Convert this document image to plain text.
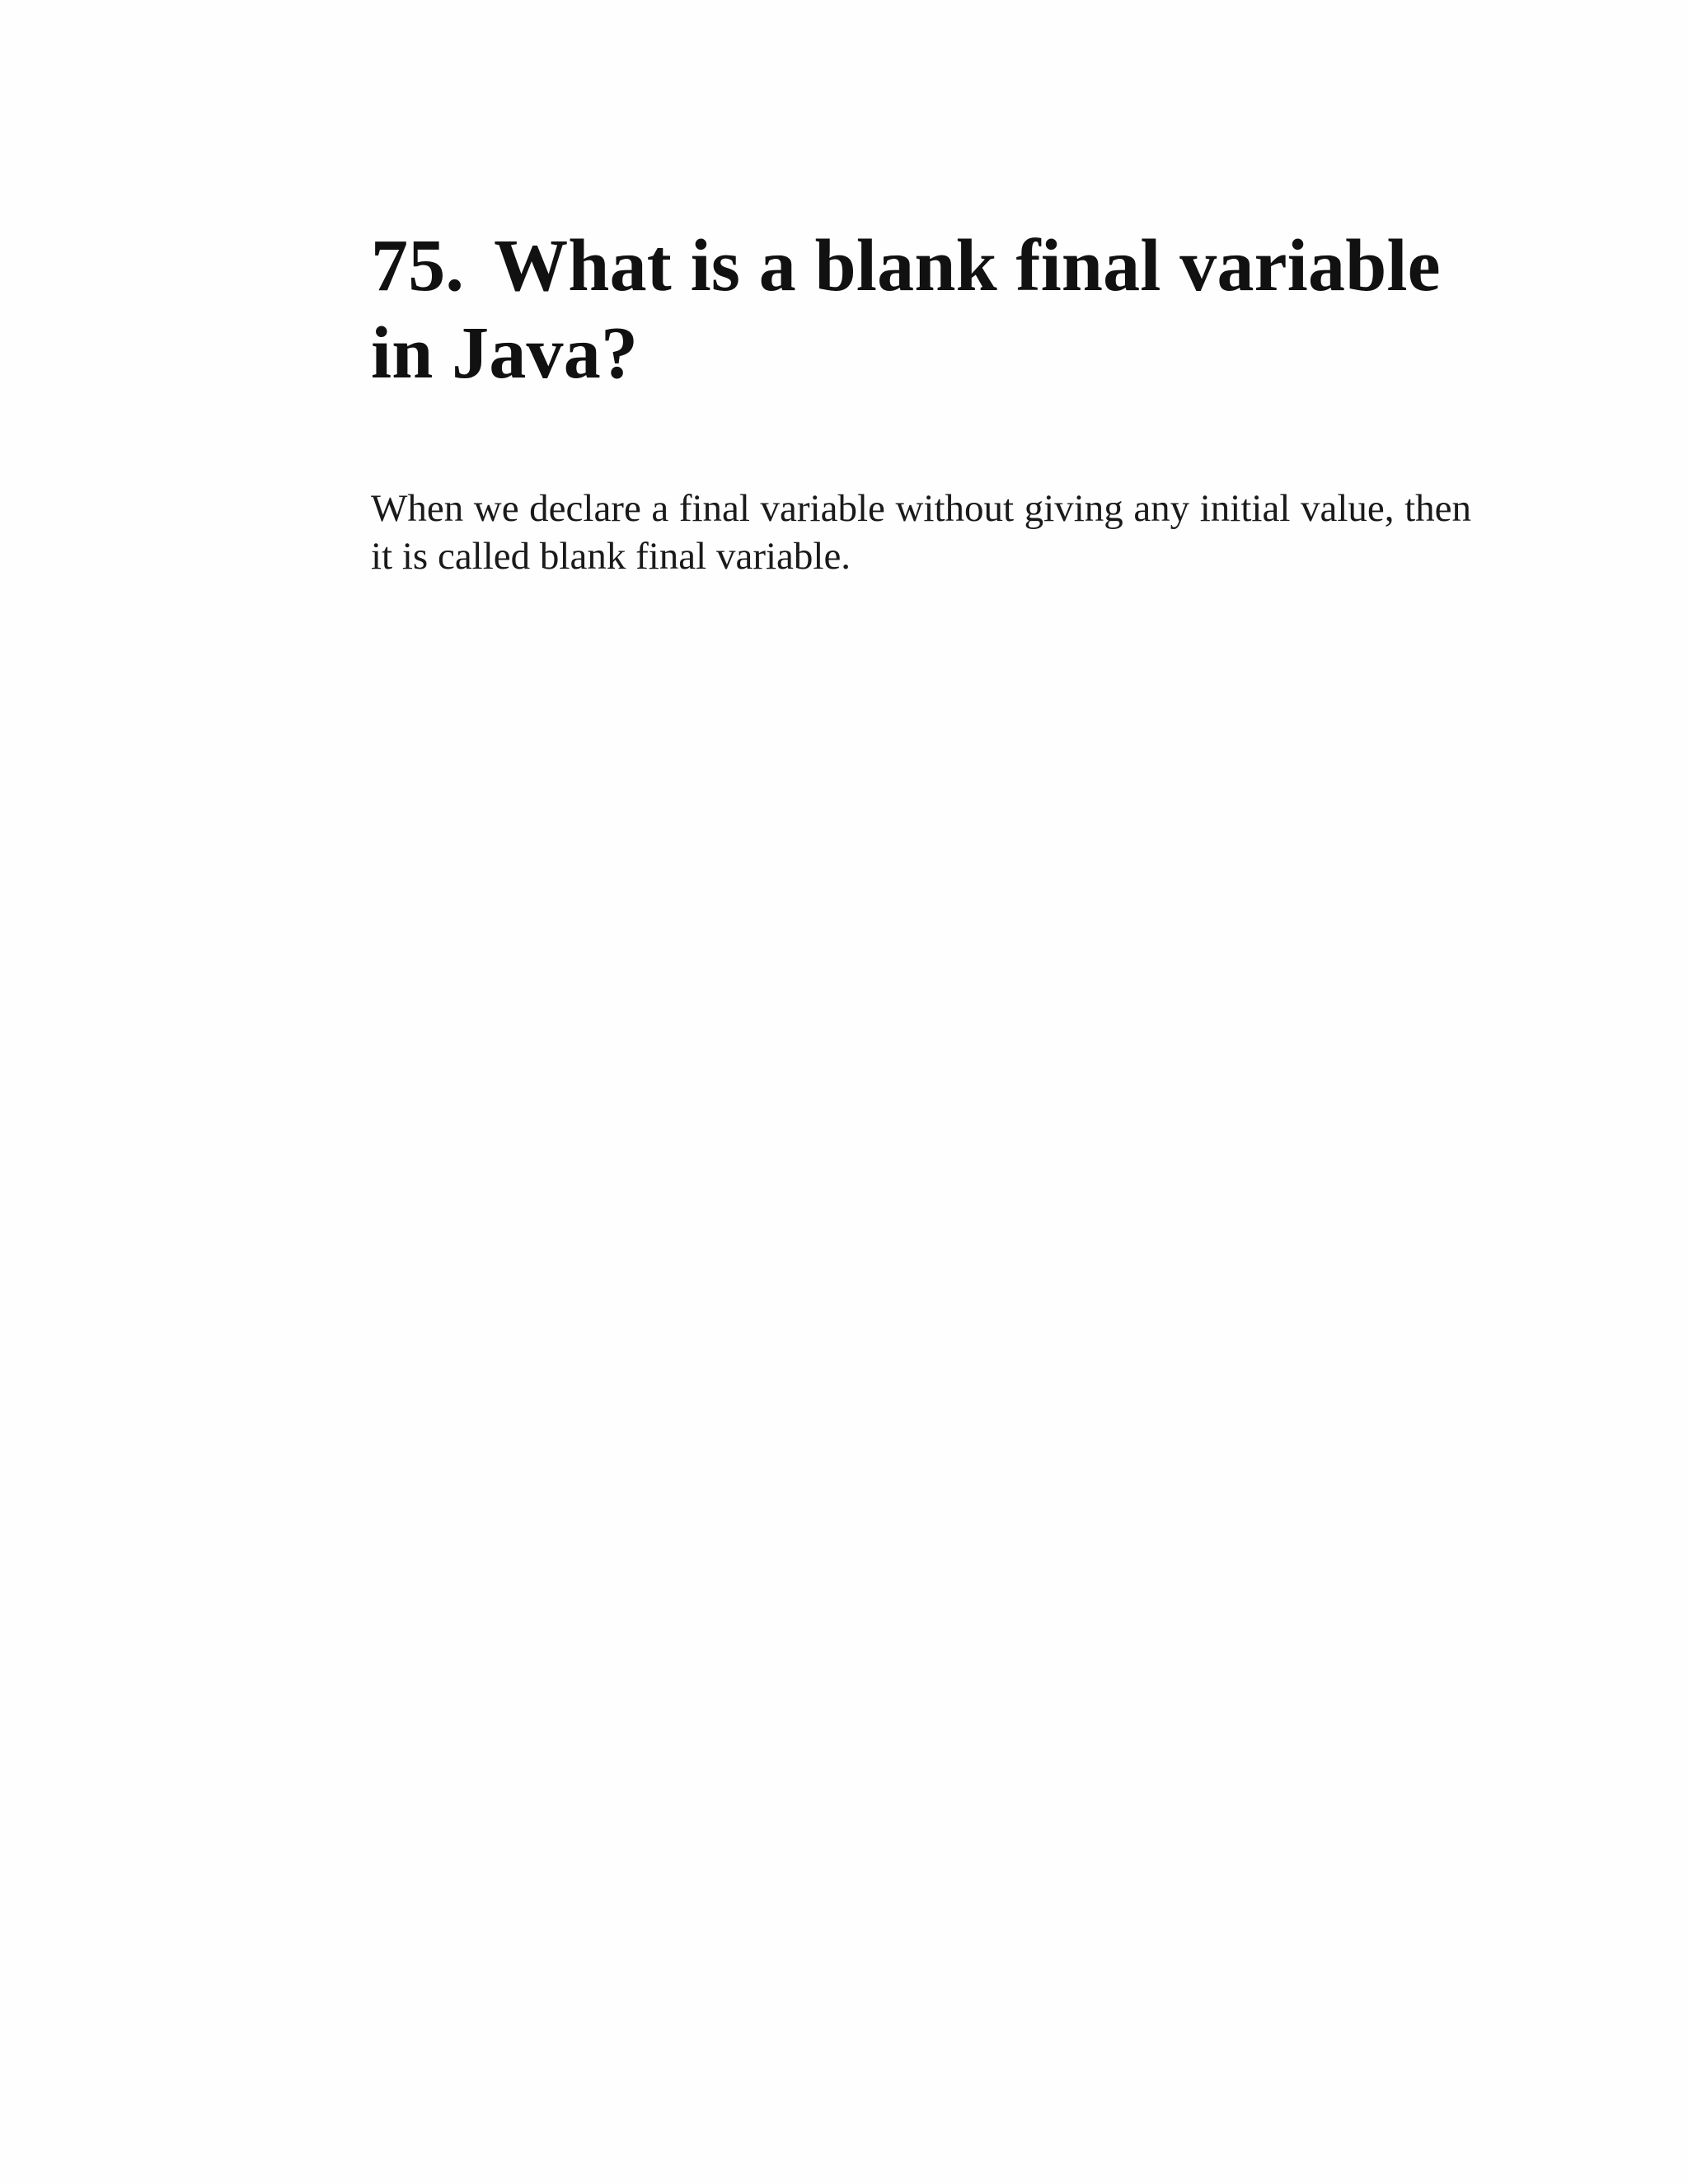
75. What is a blank final variable in Java?

When we declare a final variable without giving any initial value, then it is called blank final variable.
